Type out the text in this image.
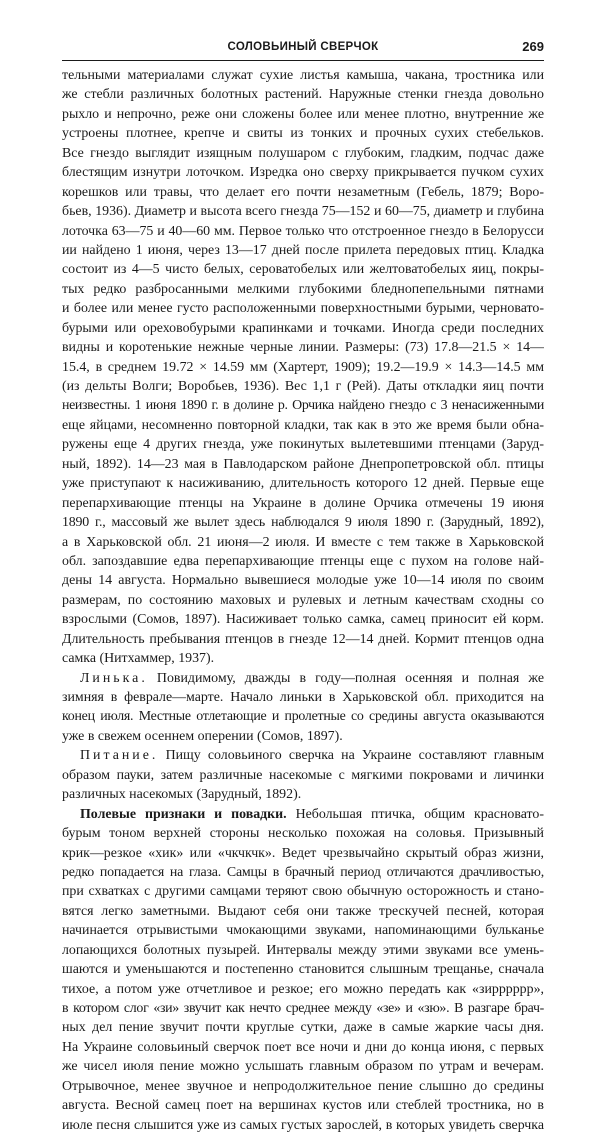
СОЛОВЬИНЫЙ СВЕРЧОК	269
тельными материалами служат сухие листья камыша, чакана, тростника или
же стебли различных болотных растений. Наружные стенки гнезда довольно
рыхло и непрочно, реже они сложены более или менее плотно, внутренние же
устроены плотнее, крепче и свиты из тонких и прочных сухих стебельков.
Все гнездо выглядит изящным полушаром с глубоким, гладким, подчас даже
блестящим изнутри лоточком. Изредка оно сверху прикрывается пучком сухих
корешков или травы, что делает его почти незаметным (Гебель, 1879; Воро-
бьев, 1936). Диаметр и высота всего гнезда 75—152 и 60—75, диаметр и глубина
лоточка 63—75 и 40—60 мм. Первое только что отстроенное гнездо в Белорусси
ии найдено 1 июня, через 13—17 дней после прилета передовых птиц. Кладка
состоит из 4—5 чисто белых, сероватобелых или желтоватобелых яиц, покры-
тых редко разбросанными мелкими глубокими бледнопепельными пятнами
и более или менее густо расположенными поверхностными бурыми, черновато-
бурыми или ореховобурыми крапинками и точками. Иногда среди последних
видны и коротенькие нежные черные линии. Размеры: (73) 17.8—21.5 × 14—
15.4, в среднем 19.72 × 14.59 мм (Хартерт, 1909); 19.2—19.9 × 14.3—14.5 мм
(из дельты Волги; Воробьев, 1936). Вес 1,1 г (Рей). Даты откладки яиц почти
неизвестны. 1 июня 1890 г. в долине р. Орчика найдено гнездо с 3 ненасиженными
еще яйцами, несомненно повторной кладки, так как в это же время были обна-
ружены еще 4 других гнезда, уже покинутых вылетевшими птенцами (Заруд-
ный, 1892). 14—23 мая в Павлодарском районе Днепропетровской обл. птицы
уже приступают к насиживанию, длительность которого 12 дней. Первые еще
перепархивающие птенцы на Украине в долине Орчика отмечены 19 июня
1890 г., массовый же вылет здесь наблюдался 9 июля 1890 г. (Зарудный, 1892),
а в Харьковской обл. 21 июня—2 июля. И вместе с тем также в Харьковской
обл. запоздавшие едва перепархивающие птенцы еще с пухом на голове най-
дены 14 августа. Нормально вывешиеся молодые уже 10—14 июля по своим
размерам, по состоянию маховых и рулевых и летным качествам сходны со
взрослыми (Сомов, 1897). Насиживает только самка, самец приносит ей корм.
Длительность пребывания птенцов в гнезде 12—14 дней. Кормит птенцов одна
самка (Нитхаммер, 1937).
Линька. Повидимому, дважды в году—полная осенняя и полная же
зимняя в феврале—марте. Начало линьки в Харьковской обл. приходится на
конец июля. Местные отлетающие и пролетные со средины августа оказываются
уже в свежем осеннем оперении (Сомов, 1897).
Питание. Пищу соловьиного сверчка на Украине составляют главным
образом пауки, затем различные насекомые с мягкими покровами и личинки
различных насекомых (Зарудный, 1892).
Полевые признаки и повадки. Небольшая птичка, общим красновато-
бурым тоном верхней стороны несколько похожая на соловья. Призывный
крик—резкое «хик» или «чкчкчк». Ведет чрезвычайно скрытый образ жизни,
редко попадается на глаза. Самцы в брачный период отличаются драчливостью,
при схватках с другими самцами теряют свою обычную осторожность и стано-
вятся легко заметными. Выдают себя они также трескучей песней, которая
начинается отрывистыми чмокающими звуками, напоминающими бульканье
лопающихся болотных пузырей. Интервалы между этими звуками все умень-
шаются и уменьшаются и постепенно становится слышным трещанье, сначала
тихое, а потом уже отчетливое и резкое; его можно передать как «зирррррр»,
в котором слог «зи» звучит как нечто среднее между «зе» и «зю». В разгаре брач-
ных дел пение звучит почти круглые сутки, даже в самые жаркие часы дня.
На Украине соловьиный сверчок поет все ночи и дни до конца июня, с первых
же чисел июля пение можно услышать главным образом по утрам и вечерам.
Отрывочное, менее звучное и непродолжительное пение слышно до средины
августа. Весной самец поет на вершинах кустов или стеблей тростника, но в
июле песня слышится уже из самых густых зарослей, в которых увидеть сверчка
